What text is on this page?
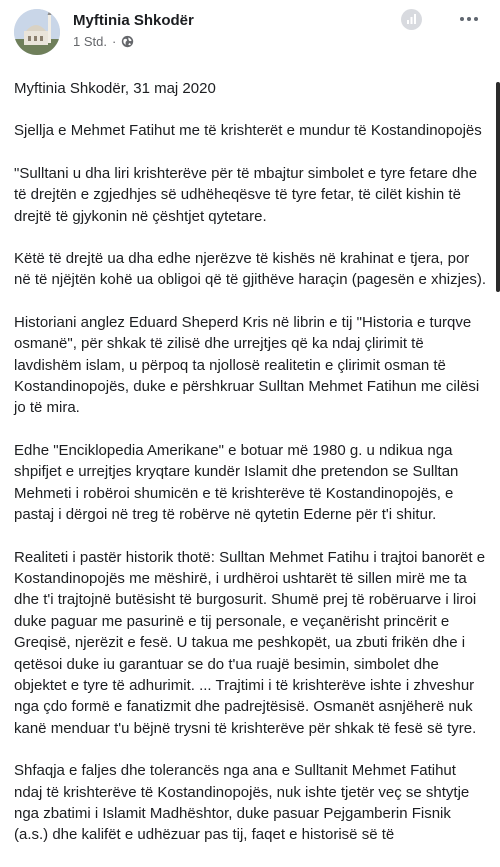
Myftinia Shkodër
1 Std. ·

Myftinia Shkodër, 31 maj 2020

Sjellja e Mehmet Fatihut me të krishterët e mundur të Kostandinopojës

"Sulltani u dha liri krishterëve për të mbajtur simbolet e tyre fetare dhe të drejtën e zgjedhjes së udhëheqësve të tyre fetar, të cilët kishin të drejtë të gjykonin në çështjet qytetare.

Këtë të drejtë ua dha edhe njerëzve të kishës në krahinat e tjera, por në të njëjtën kohë ua obligoi që të gjithëve haraçin (pagesën e xhizjes).

Historiani anglez Eduard Sheperd Kris në librin e tij "Historia e turqve osmanë", për shkak të zilisë dhe urrejtjes që ka ndaj çlirimit të lavdishëm islam, u përpoq ta njollosë realitetin e çlirimit osman të Kostandinopojës, duke e përshkruar Sulltan Mehmet Fatihun me cilësi jo të mira.

Edhe "Enciklopedia Amerikane" e botuar më 1980 g. u ndikua nga shpifjet e urrejtjes kryqtare kundër Islamit dhe pretendon se Sulltan Mehmeti i robëroi shumicën e të krishterëve të Kostandinopojës, e pastaj i dërgoi në treg të robërve në qytetin Ederne për t'i shitur.

Realiteti i pastër historik thotë: Sulltan Mehmet Fatihu i trajtoi banorët e Kostandinopojës me mëshirë, i urdhëroi ushtarët të sillen mirë me ta dhe t'i trajtojnë butësisht të burgosurit. Shumë prej të robëruarve i liroi duke paguar me pasurinë e tij personale, e veçanërisht princërit e Greqisë, njerëzit e fesë. U takua me peshkopët, ua zbuti frikën dhe i qetësoi duke iu garantuar se do t'ua ruajë besimin, simbolet dhe objektet e tyre të adhurimit. ... Trajtimi i të krishterëve ishte i zhveshur nga çdo formë e fanatizmit dhe padrejtësisë. Osmanët asnjëherë nuk kanë menduar t'u bëjnë trysni të krishterëve për shkak të fesë së tyre.

Shfaqja e faljes dhe tolerancës nga ana e Sulltanit Mehmet Fatihut ndaj të krishterëve të Kostandinopojës, nuk ishte tjetër veç se shtytje nga zbatimi i Islamit Madhështor, duke pasuar Pejgamberin Fisnik (a.s.) dhe kalifët e udhëzuar pas tij, faqet e historisë së të
